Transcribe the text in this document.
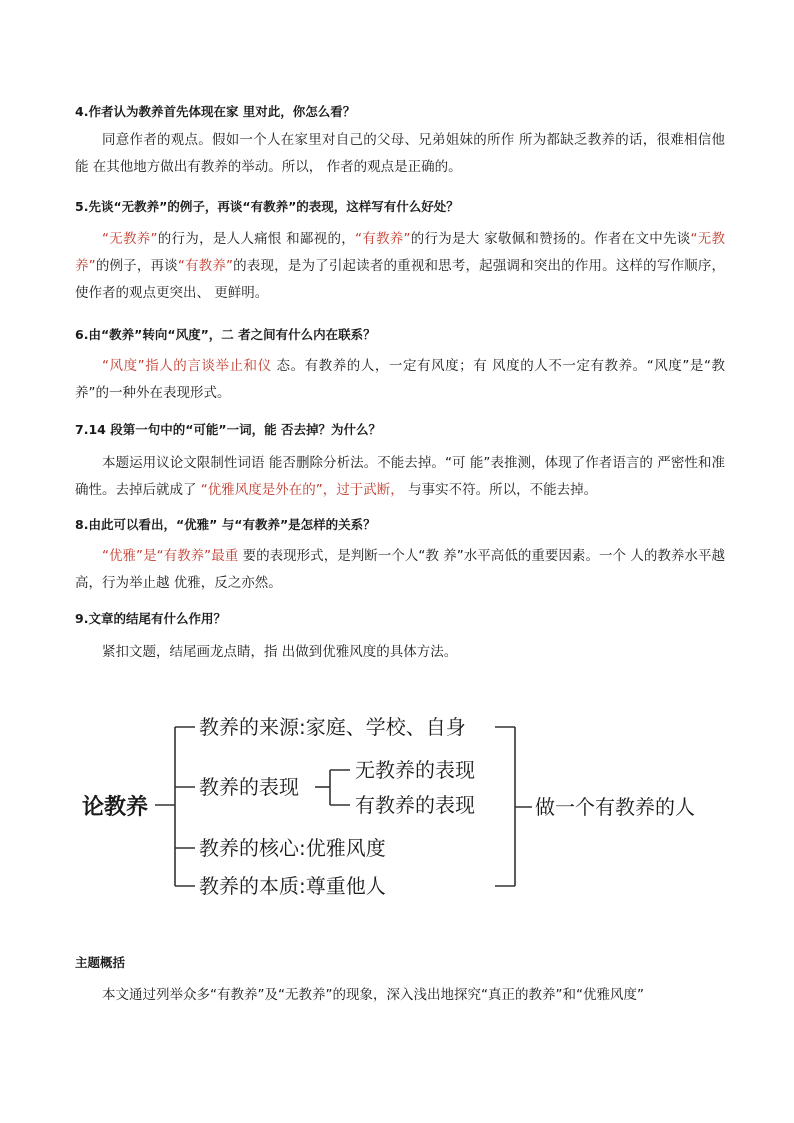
4.作者认为教养首先体现在家 里对此，你怎么看？
同意作者的观点。假如一个人在家里对自己的父母、兄弟姐妹的所作 所为都缺乏教养的话，很难相信他能 在其他地方做出有教养的举动。所以， 作者的观点是正确的。
5.先谈“无教养”的例子，再谈“有教养”的表现，这样写有什么好处？
“无教养”的行为，是人人痛恨 和鄙视的，“有教养”的行为是大 家敬佩和赞扬的。作者在文中先谈“无教养”的例子，再谈“有教养”的表现，是为了引起读者的重视和思考，起强调和突出的作用。这样的写作顺序，使作者的观点更突出、 更鲜明。
6.由“教养”转向“风度”，二 者之间有什么内在联系？
“风度”指人的言谈举止和仪 态。有教养的人，一定有风度；有 风度的人不一定有教养。“风度”是“教养”的一种外在表现形式。
7.14 段第一句中的“可能”一词，能 否去掉？为什么？
本题运用议论文限制性词语 能否删除分析法。不能去掉。“可 能”表推测，体现了作者语言的 严密性和准确性。去掉后就成了 “优雅风度是外在的”，过于武断， 与事实不符。所以，不能去掉。
8.由此可以看出，“优雅” 与“有教养”是怎样的关系？
“优雅”是“有教养”最重 要的表现形式，是判断一个人“教 养”水平高低的重要因素。一个 人的教养水平越高，行为举止越 优雅，反之亦然。
9.文章的结尾有什么作用？
紧扣文题，结尾画龙点睛，指 出做到优雅风度的具体方法。
论教养
教养的来源:家庭、学校、自身
教养的表现
无教养的表现
有教养的表现
教养的核心:优雅风度
教养的本质:尊重他人
做一个有教养的人
主题概括
本文通过列举众多“有教养”及“无教养”的现象，深入浅出地探究“真正的教养”和“优雅风度”
